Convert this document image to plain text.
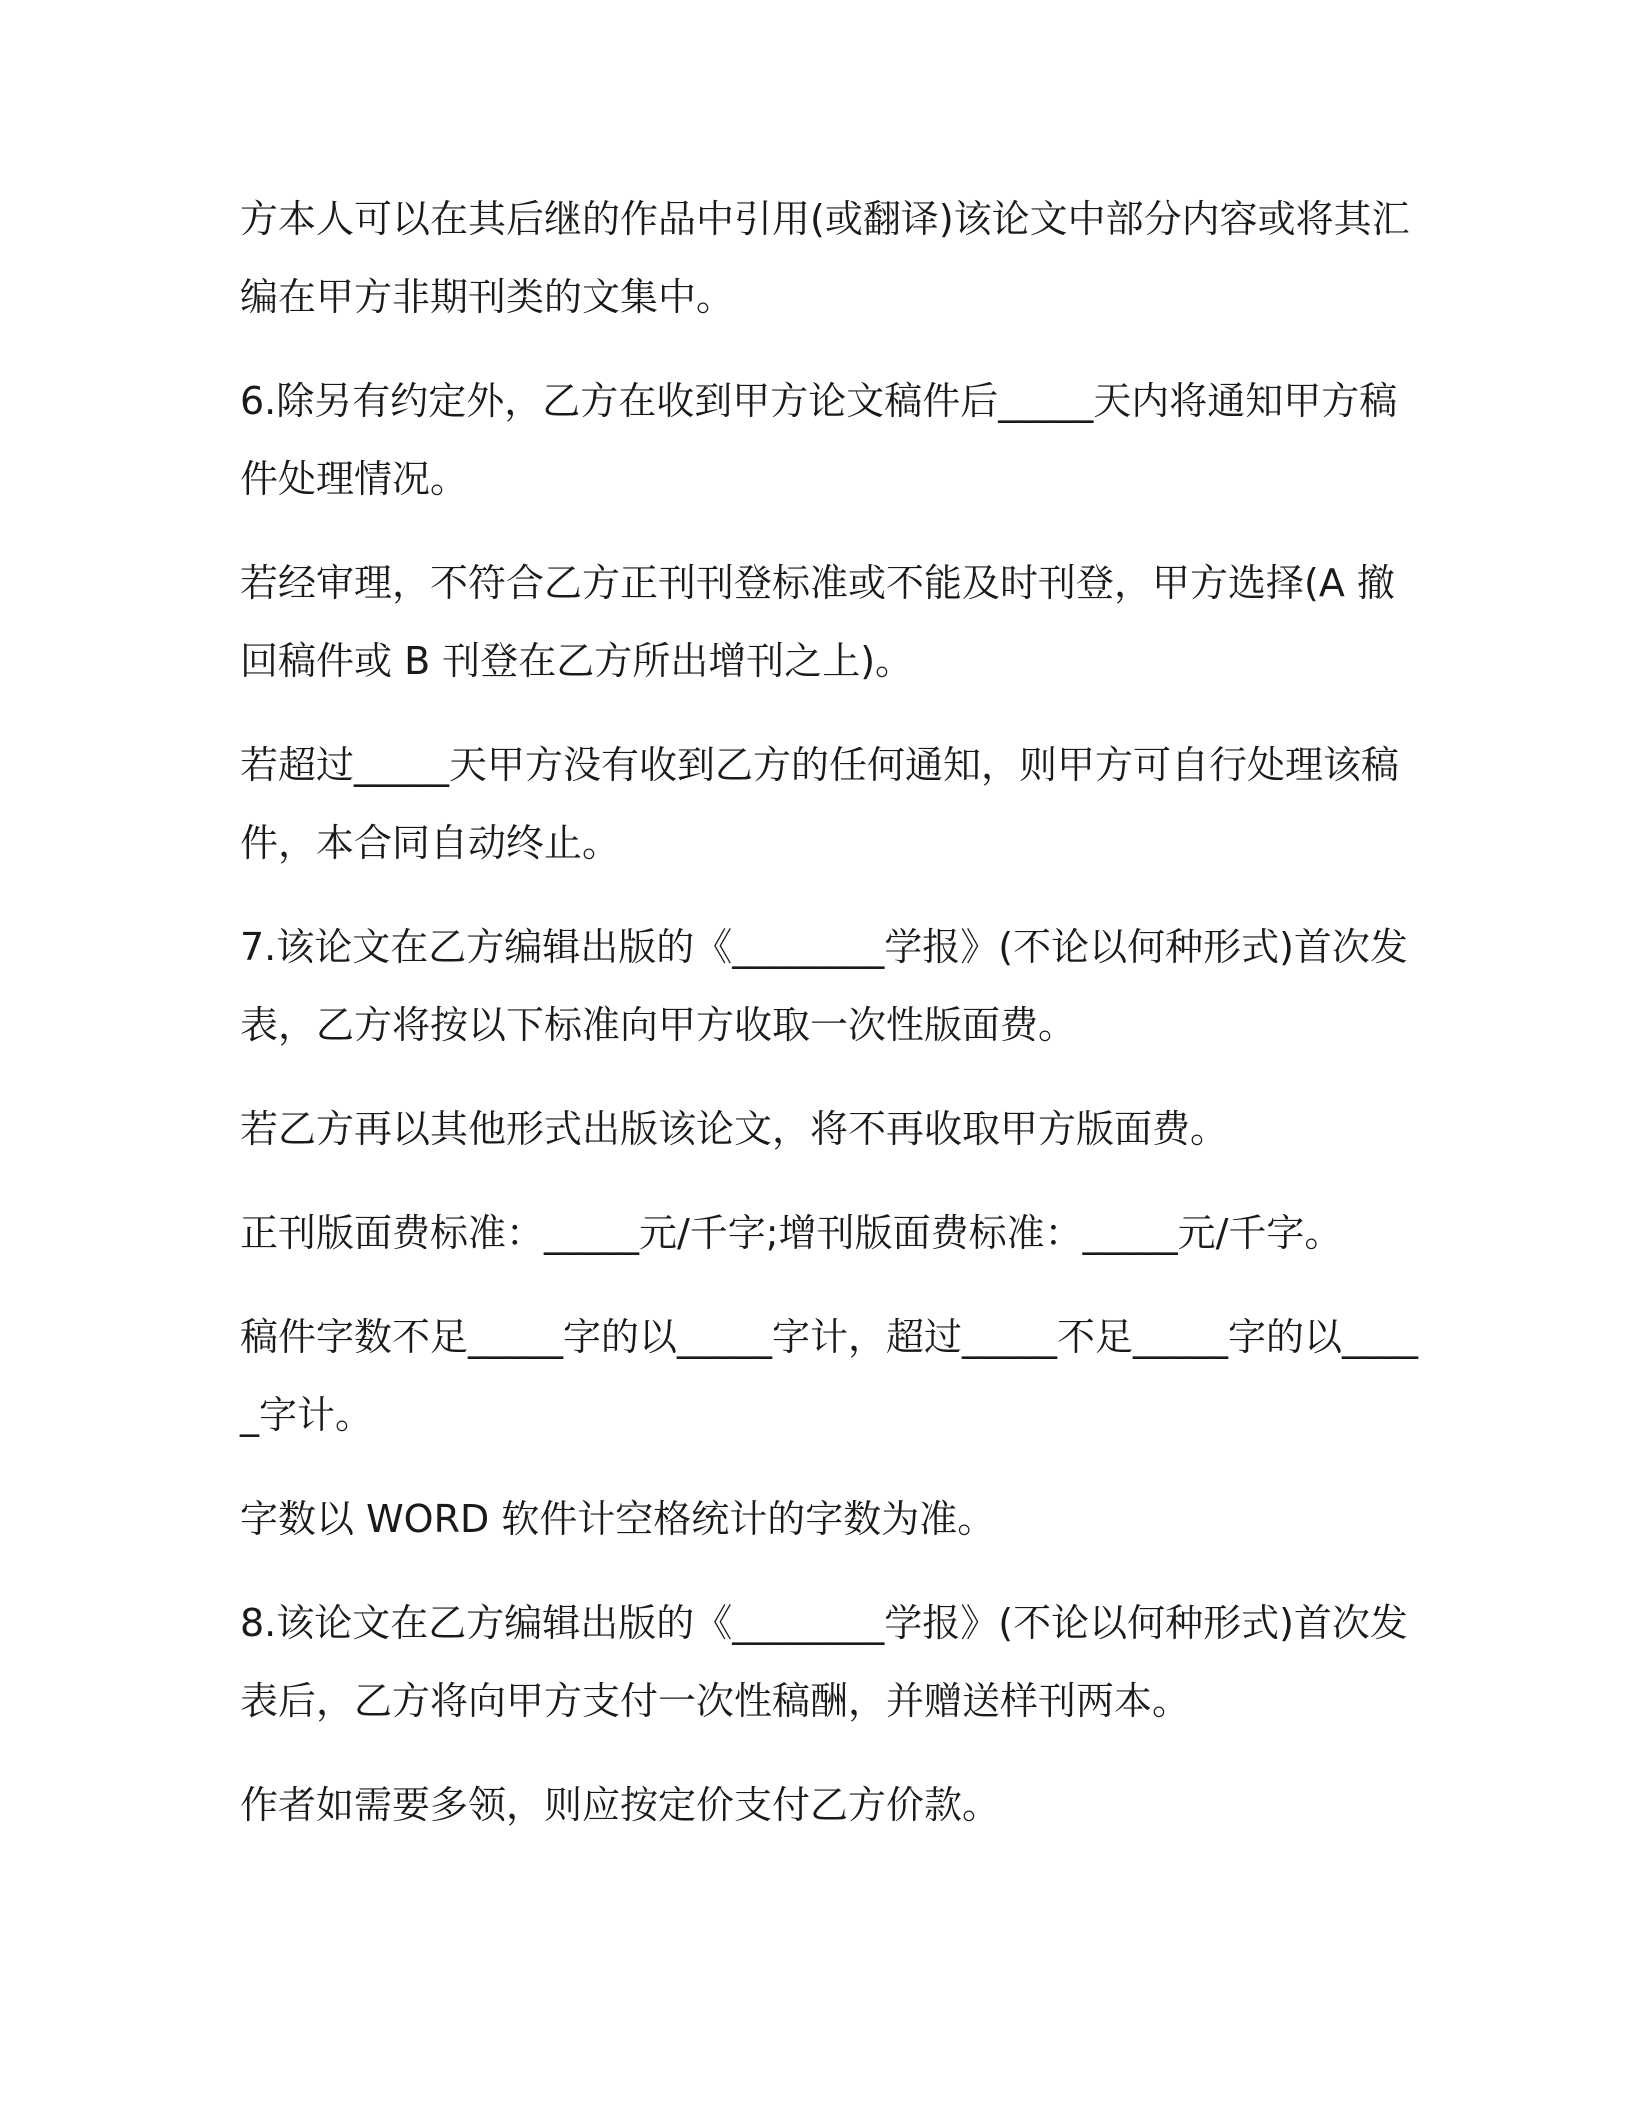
方本人可以在其后继的作品中引用(或翻译)该论文中部分内容或将其汇编在甲方非期刊类的文集中。

6.除另有约定外，乙方在收到甲方论文稿件后_____天内将通知甲方稿件处理情况。

若经审理，不符合乙方正刊刊登标准或不能及时刊登，甲方选择(A 撤回稿件或 B 刊登在乙方所出增刊之上)。

若超过_____天甲方没有收到乙方的任何通知，则甲方可自行处理该稿件，本合同自动终止。

7.该论文在乙方编辑出版的《________学报》(不论以何种形式)首次发表，乙方将按以下标准向甲方收取一次性版面费。

若乙方再以其他形式出版该论文，将不再收取甲方版面费。

正刊版面费标准：_____元/千字;增刊版面费标准：_____元/千字。

稿件字数不足_____字的以_____字计，超过_____不足_____字的以_____字计。

字数以 WORD 软件计空格统计的字数为准。

8.该论文在乙方编辑出版的《________学报》(不论以何种形式)首次发表后，乙方将向甲方支付一次性稿酬，并赠送样刊两本。

作者如需要多领，则应按定价支付乙方价款。
